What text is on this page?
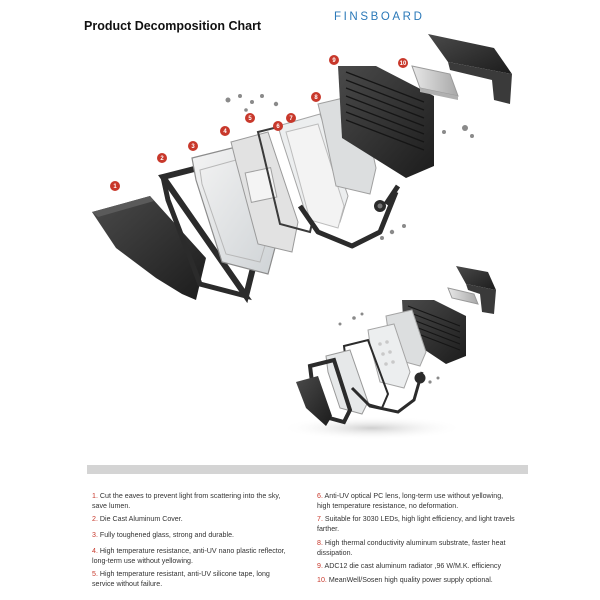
Product Decomposition Chart
FINSBOARD
1
2
3
4
5
6
7
8
9	10
1. Cut the eaves to prevent light from scattering into the sky, save lumen.
2. Die Cast Aluminum Cover.
3. Fully toughened glass, strong and durable.
4. High temperature resistance, anti-UV nano plastic reflector, long-term use without yellowing.
5. High temperature resistant, anti-UV silicone tape, long service without failure.
6. Anti-UV optical PC lens, long-term use without yellowing, high temperature resistance, no deformation.
7. Suitable for 3030 LEDs, high light efficiency, and light travels farther.
8. High thermal conductivity aluminum substrate, faster heat dissipation.
9. ADC12 die cast aluminum radiator ,96 W/M.K. efficiency
10. MeanWell/Sosen high quality power supply optional.
